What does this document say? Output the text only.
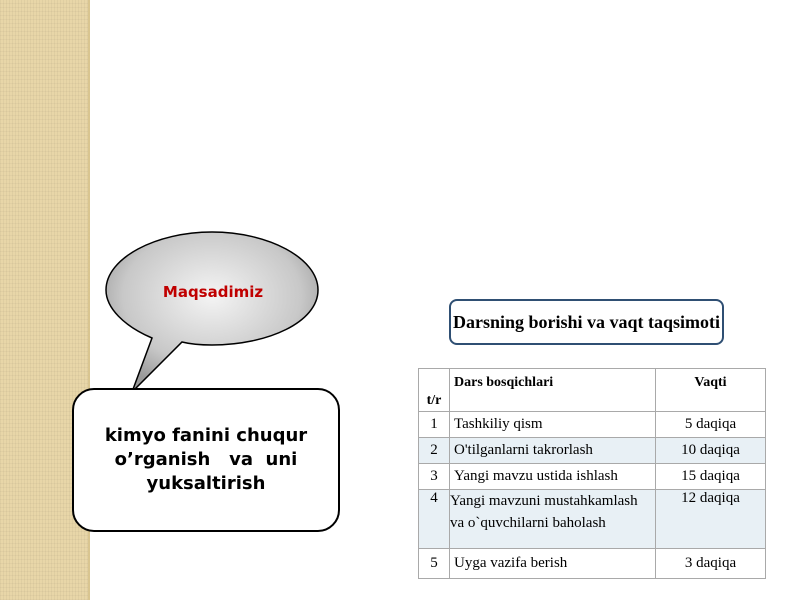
Maqsadimiz
kimyo fanini chuqur
o’rganish   va  uni
yuksaltirish
Darsning borishi va vaqt taqsimoti
t/r	Dars bosqichlari	Vaqti
1	Tashkiliy qism	5 daqiqa
2	O'tilganlarni takrorlash	10 daqiqa
3	Yangi mavzu ustida ishlash	15 daqiqa
4	Yangi mavzuni mustahkamlash va o`quvchilarni baholash	12 daqiqa
5	Uyga vazifa berish	3 daqiqa
